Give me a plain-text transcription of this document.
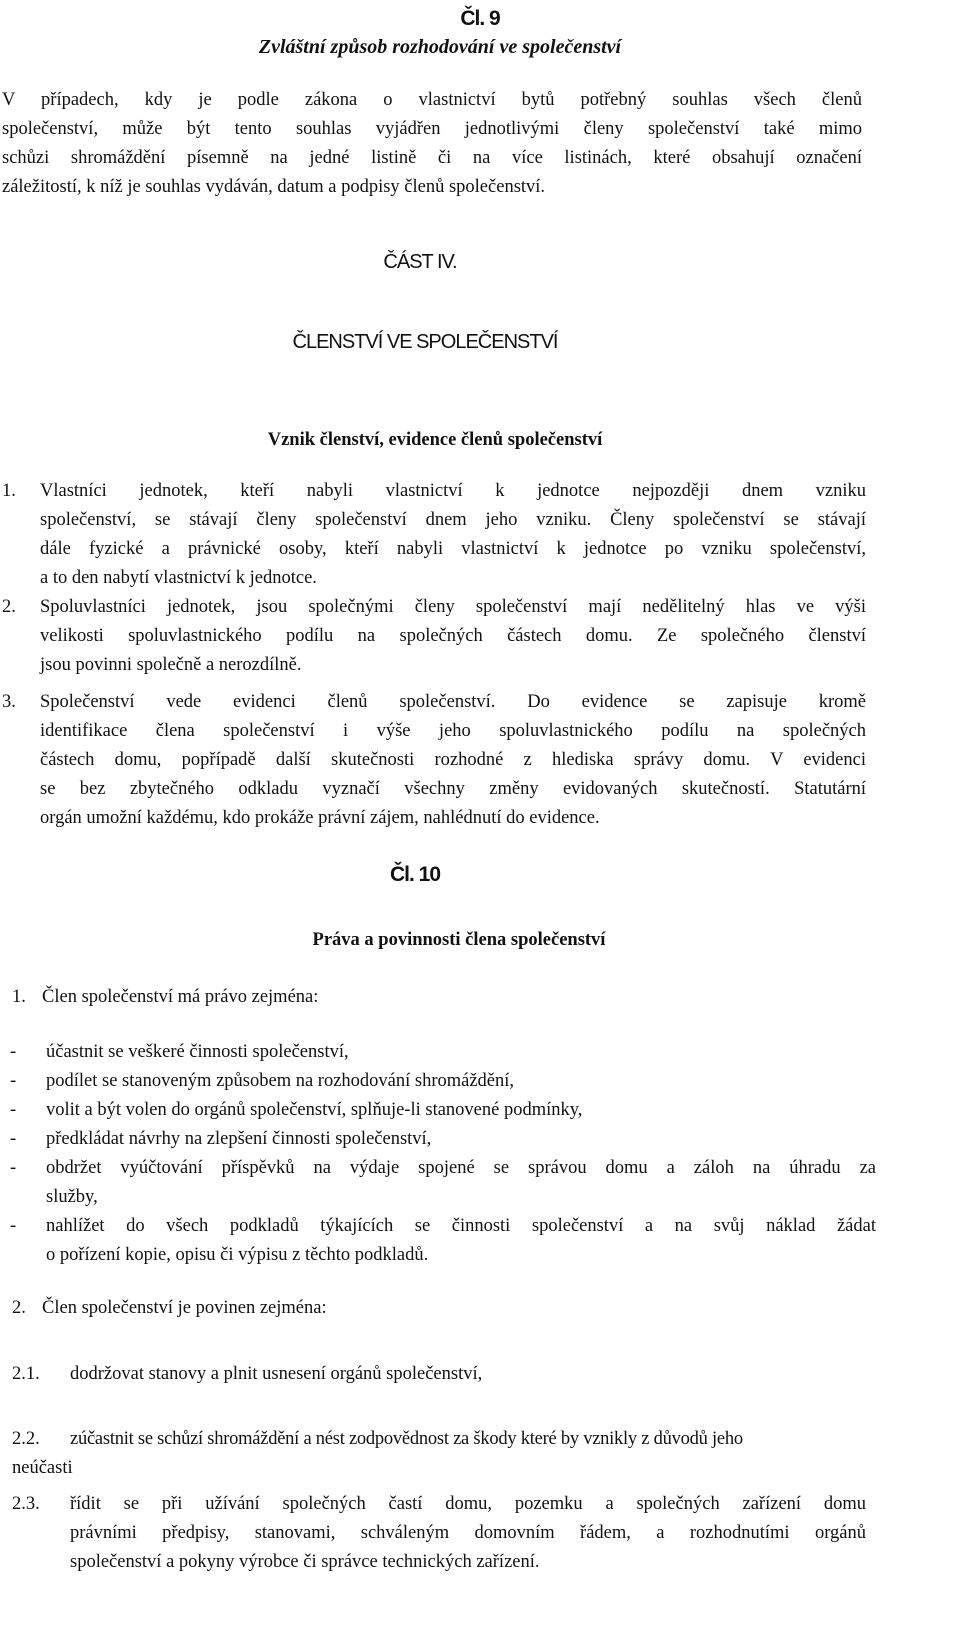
Čl. 9
Zvláštní způsob rozhodování ve společenství

V případech, kdy je podle zákona o vlastnictví bytů potřebný souhlas všech členů

společenství, může být tento souhlas vyjádřen jednotlivými členy společenství také mimo

schůzi shromáždění písemně na jedné listině či na více listinách, které obsahují označení

záležitostí, k níž je souhlas vydáván, datum a podpisy členů společenství.

ČÁST IV.
ČLENSTVÍ VE SPOLEČENSTVÍ
Vznik členství, evidence členů společenství
1. Vlastníci jednotek, kteří nabyli vlastnictví k jednotce nejpozději dnem vzniku

společenství, se stávají členy společenství dnem jeho vzniku. Členy společenství se stávají

dále fyzické a právnické osoby, kteří nabyli vlastnictví k jednotce po vzniku společenství,

a to den nabytí vlastnictví k jednotce.

2. Spoluvlastníci jednotek, jsou společnými členy společenství mají nedělitelný hlas ve výši

velikosti spoluvlastnického podílu na společných částech domu. Ze společného členství

jsou povinni společně a nerozdílně.

3. Společenství vede evidenci členů společenství. Do evidence se zapisuje kromě

identifikace člena společenství i výše jeho spoluvlastnického podílu na společných

částech domu, popřípadě další skutečnosti rozhodné z hlediska správy domu. V evidenci

se bez zbytečného odkladu vyznačí všechny změny evidovaných skutečností. Statutární

orgán umožní každému, kdo prokáže právní zájem, nahlédnutí do evidence.

Čl. 10
Práva a povinnosti člena společenství
1. Člen společenství má právo zejména:
- účastnit se veškeré činnosti společenství,
- podílet se stanoveným způsobem na rozhodování shromáždění,
- volit a být volen do orgánů společenství, splňuje-li stanovené podmínky,
- předkládat návrhy na zlepšení činnosti společenství,
- obdržet vyúčtování příspěvků na výdaje spojené se správou domu a záloh na úhradu za
služby,
- nahlížet do všech podkladů týkajících se činnosti společenství a na svůj náklad žádat
o pořízení kopie, opisu či výpisu z těchto podkladů.
2. Člen společenství je povinen zejména:
2.1. dodržovat stanovy a plnit usnesení orgánů společenství,
2.2. zúčastnit se schůzí shromáždění a nést zodpovědnost za škody které by vznikly z důvodů jeho
neúčasti
2.3. řídit se při užívání společných častí domu, pozemku a společných zařízení domu

právními předpisy, stanovami, schváleným domovním řádem, a rozhodnutími orgánů

společenství a pokyny výrobce či správce technických zařízení.
